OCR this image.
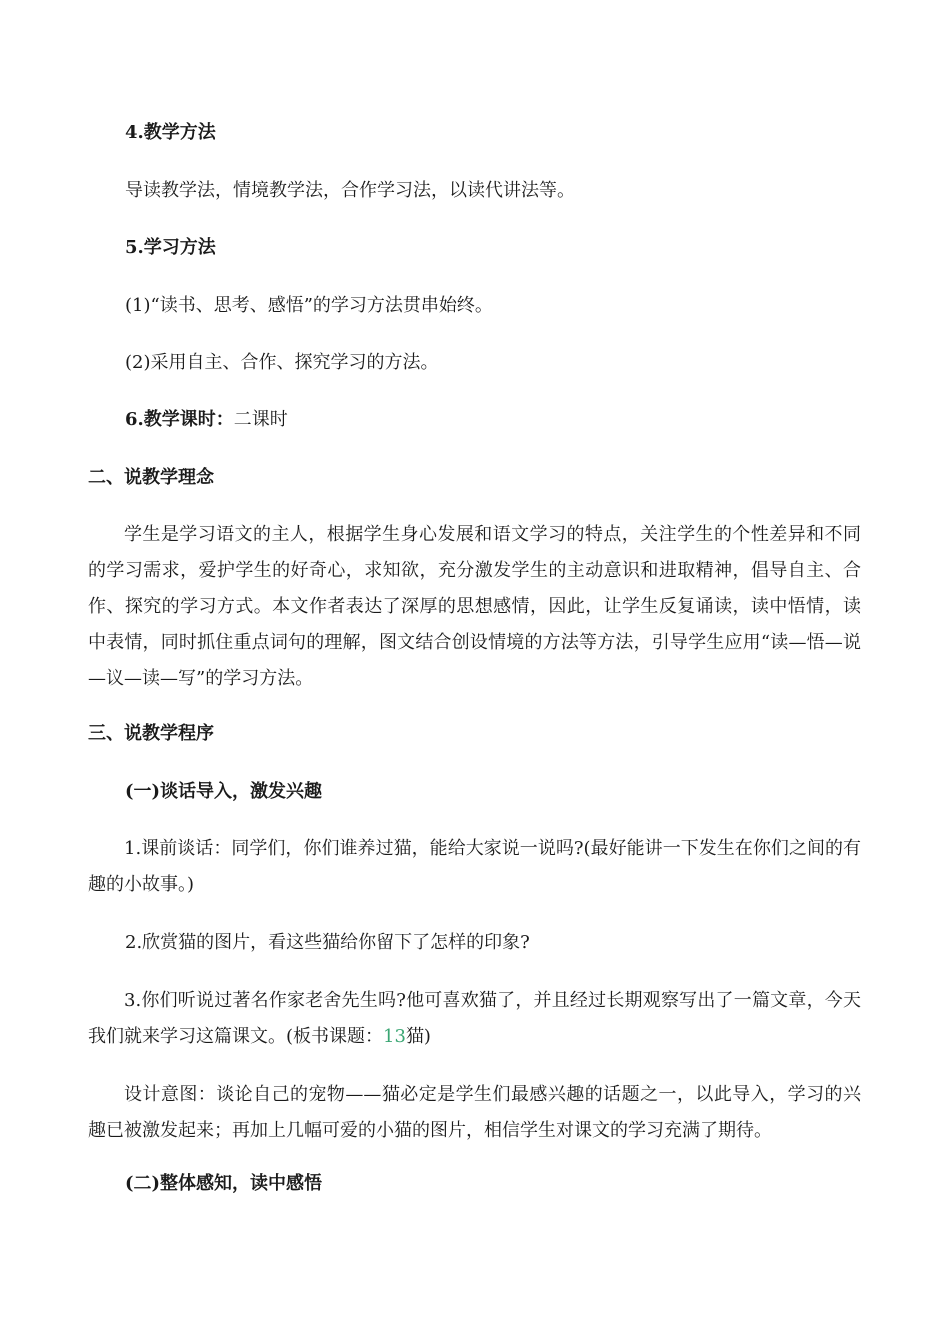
4.教学方法
导读教学法，情境教学法，合作学习法，以读代讲法等。
5.学习方法
(1)“读书、思考、感悟”的学习方法贯串始终。
(2)采用自主、合作、探究学习的方法。
6.教学课时：二课时
二、说教学理念
学生是学习语文的主人，根据学生身心发展和语文学习的特点，关注学生的个性差异和不同的学习需求，爱护学生的好奇心，求知欲，充分激发学生的主动意识和进取精神，倡导自主、合作、探究的学习方式。本文作者表达了深厚的思想感情，因此，让学生反复诵读，读中悟情，读中表情，同时抓住重点词句的理解，图文结合创设情境的方法等方法，引导学生应用“读—悟—说—议—读—写”的学习方法。
三、说教学程序
(一)谈话导入，激发兴趣
1.课前谈话：同学们，你们谁养过猫，能给大家说一说吗?(最好能讲一下发生在你们之间的有趣的小故事。)
2.欣赏猫的图片，看这些猫给你留下了怎样的印象?
3.你们听说过著名作家老舍先生吗?他可喜欢猫了，并且经过长期观察写出了一篇文章，今天我们就来学习这篇课文。(板书课题：13猫)
设计意图：谈论自己的宠物——猫必定是学生们最感兴趣的话题之一，以此导入，学习的兴趣已被激发起来；再加上几幅可爱的小猫的图片，相信学生对课文的学习充满了期待。
(二)整体感知，读中感悟
